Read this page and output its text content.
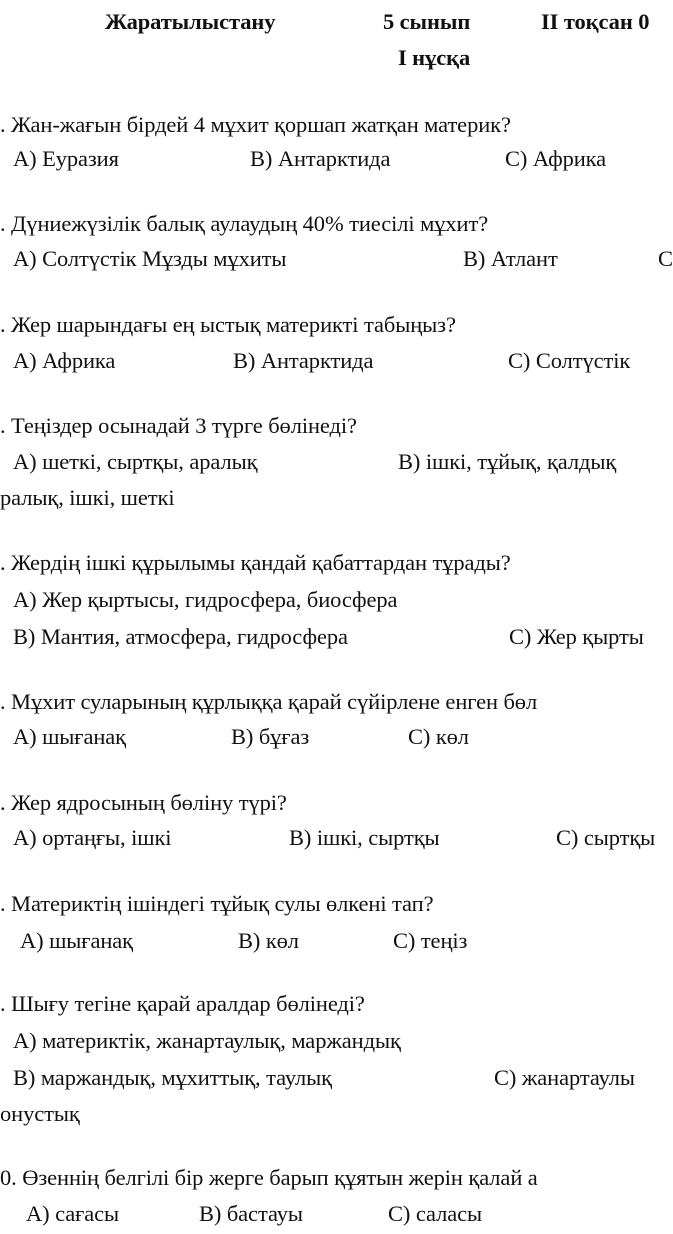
Жаратылыстану	5 сынып	ІІ тоқсан 0
І нұсқа
. Жан-жағын бірдей 4 мұхит қоршап жатқан материк?
A) Еуразия	B) Антарктида	C) Африка
. Дүниежүзілік балық аулаудың 40% тиесілі мұхит?
A) Солтүстік Мұзды мұхиты	B) Атлант	C
. Жер шарындағы ең ыстық материкті табыңыз?
A) Африка	B) Антарктида	C) Солтүстік
. Теңіздер осынадай 3 түрге бөлінеді?
A) шеткі, сыртқы, аралық	B) ішкі, тұйық, қалдық
ралық, ішкі, шеткі
. Жердің ішкі құрылымы қандай қабаттардан тұрады?
A) Жер қыртысы, гидросфера, биосфера
B) Мантия, атмосфера, гидросфера	C) Жер қырты
. Мұхит суларының құрлыққа қарай сүйірлене енген бөл
A) шығанақ	B) бұғаз	C) көл
. Жер ядросының бөліну түрі?
A) ортаңғы, ішкі	B) ішкі, сыртқы	C) сыртқы
. Материктің ішіндегі тұйық сулы өлкені тап?
A) шығанақ	B) көл	C) теңіз
. Шығу тегіне қарай аралдар бөлінеді?
A) материктік, жанартаулық, маржандық
B) маржандық, мұхиттық, таулық	C) жанартаулы
онустық
0. Өзеннің белгілі бір жерге барып құятын жерін қалай а
A) сағасы	B) бастауы	C) саласы
